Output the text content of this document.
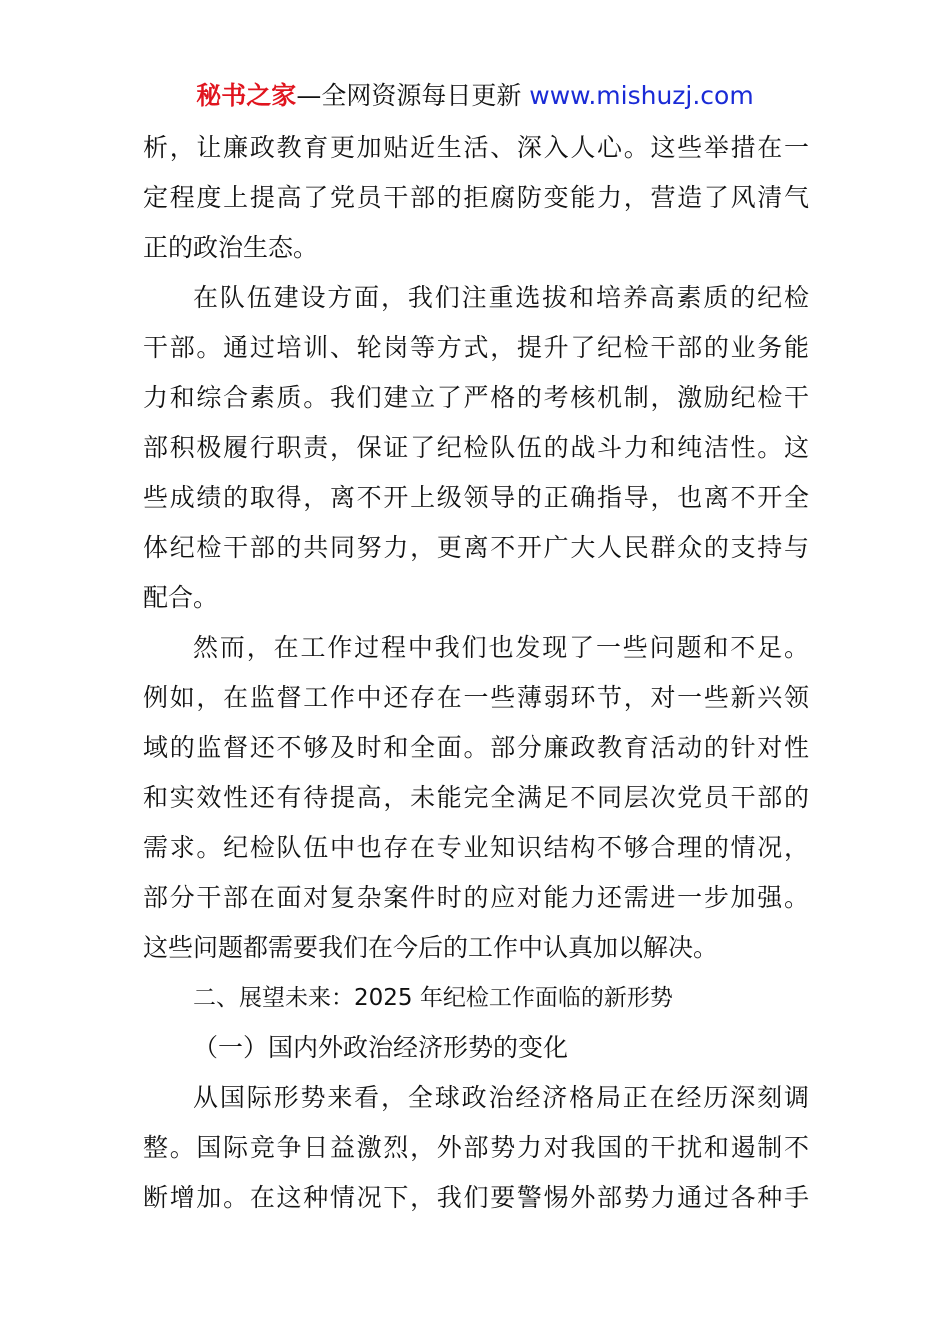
秘书之家—全网资源每日更新 www.mishuzj.com
析，让廉政教育更加贴近生活、深入人心。这些举措在一
定程度上提高了党员干部的拒腐防变能力，营造了风清气
正的政治生态。
在队伍建设方面，我们注重选拔和培养高素质的纪检
干部。通过培训、轮岗等方式，提升了纪检干部的业务能
力和综合素质。我们建立了严格的考核机制，激励纪检干
部积极履行职责，保证了纪检队伍的战斗力和纯洁性。这
些成绩的取得，离不开上级领导的正确指导，也离不开全
体纪检干部的共同努力，更离不开广大人民群众的支持与
配合。
然而，在工作过程中我们也发现了一些问题和不足。
例如，在监督工作中还存在一些薄弱环节，对一些新兴领
域的监督还不够及时和全面。部分廉政教育活动的针对性
和实效性还有待提高，未能完全满足不同层次党员干部的
需求。纪检队伍中也存在专业知识结构不够合理的情况，
部分干部在面对复杂案件时的应对能力还需进一步加强。
这些问题都需要我们在今后的工作中认真加以解决。
二、展望未来：2025 年纪检工作面临的新形势
（一）国内外政治经济形势的变化
从国际形势来看，全球政治经济格局正在经历深刻调
整。国际竞争日益激烈，外部势力对我国的干扰和遏制不
断增加。在这种情况下，我们要警惕外部势力通过各种手
